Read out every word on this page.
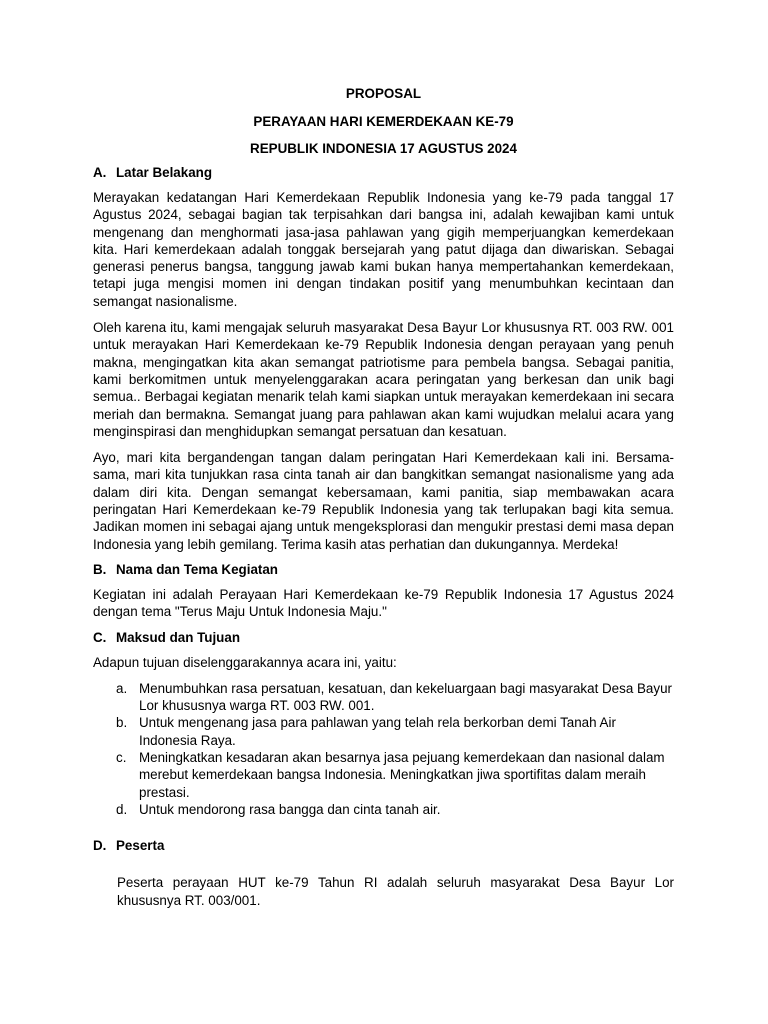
PROPOSAL

PERAYAAN HARI KEMERDEKAAN KE-79

REPUBLIK INDONESIA 17 AGUSTUS 2024

A. Latar Belakang

Merayakan kedatangan Hari Kemerdekaan Republik Indonesia yang ke-79 pada tanggal 17 Agustus 2024, sebagai bagian tak terpisahkan dari bangsa ini, adalah kewajiban kami untuk mengenang dan menghormati jasa-jasa pahlawan yang gigih memperjuangkan kemerdekaan kita. Hari kemerdekaan adalah tonggak bersejarah yang patut dijaga dan diwariskan. Sebagai generasi penerus bangsa, tanggung jawab kami bukan hanya mempertahankan kemerdekaan, tetapi juga mengisi momen ini dengan tindakan positif yang menumbuhkan kecintaan dan semangat nasionalisme.

Oleh karena itu, kami mengajak seluruh masyarakat Desa Bayur Lor khususnya RT. 003 RW. 001 untuk merayakan Hari Kemerdekaan ke-79 Republik Indonesia dengan perayaan yang penuh makna, mengingatkan kita akan semangat patriotisme para pembela bangsa. Sebagai panitia, kami berkomitmen untuk menyelenggarakan acara peringatan yang berkesan dan unik bagi semua.. Berbagai kegiatan menarik telah kami siapkan untuk merayakan kemerdekaan ini secara meriah dan bermakna. Semangat juang para pahlawan akan kami wujudkan melalui acara yang menginspirasi dan menghidupkan semangat persatuan dan kesatuan.

Ayo, mari kita bergandengan tangan dalam peringatan Hari Kemerdekaan kali ini. Bersama-sama, mari kita tunjukkan rasa cinta tanah air dan bangkitkan semangat nasionalisme yang ada dalam diri kita. Dengan semangat kebersamaan, kami panitia, siap membawakan acara peringatan Hari Kemerdekaan ke-79 Republik Indonesia yang tak terlupakan bagi kita semua. Jadikan momen ini sebagai ajang untuk mengeksplorasi dan mengukir prestasi demi masa depan Indonesia yang lebih gemilang. Terima kasih atas perhatian dan dukungannya. Merdeka!

B. Nama dan Tema Kegiatan

Kegiatan ini adalah Perayaan Hari Kemerdekaan ke-79 Republik Indonesia 17 Agustus 2024 dengan tema "Terus Maju Untuk Indonesia Maju."

C. Maksud dan Tujuan

Adapun tujuan diselenggarakannya acara ini, yaitu:

a. Menumbuhkan rasa persatuan, kesatuan, dan kekeluargaan bagi masyarakat Desa Bayur Lor khususnya warga RT. 003 RW. 001.
b. Untuk mengenang jasa para pahlawan yang telah rela berkorban demi Tanah Air Indonesia Raya.
c. Meningkatkan kesadaran akan besarnya jasa pejuang kemerdekaan dan nasional dalam merebut kemerdekaan bangsa Indonesia. Meningkatkan jiwa sportifitas dalam meraih prestasi.
d. Untuk mendorong rasa bangga dan cinta tanah air.
D. Peserta

Peserta perayaan HUT ke-79 Tahun RI adalah seluruh masyarakat Desa Bayur Lor khususnya RT. 003/001.
